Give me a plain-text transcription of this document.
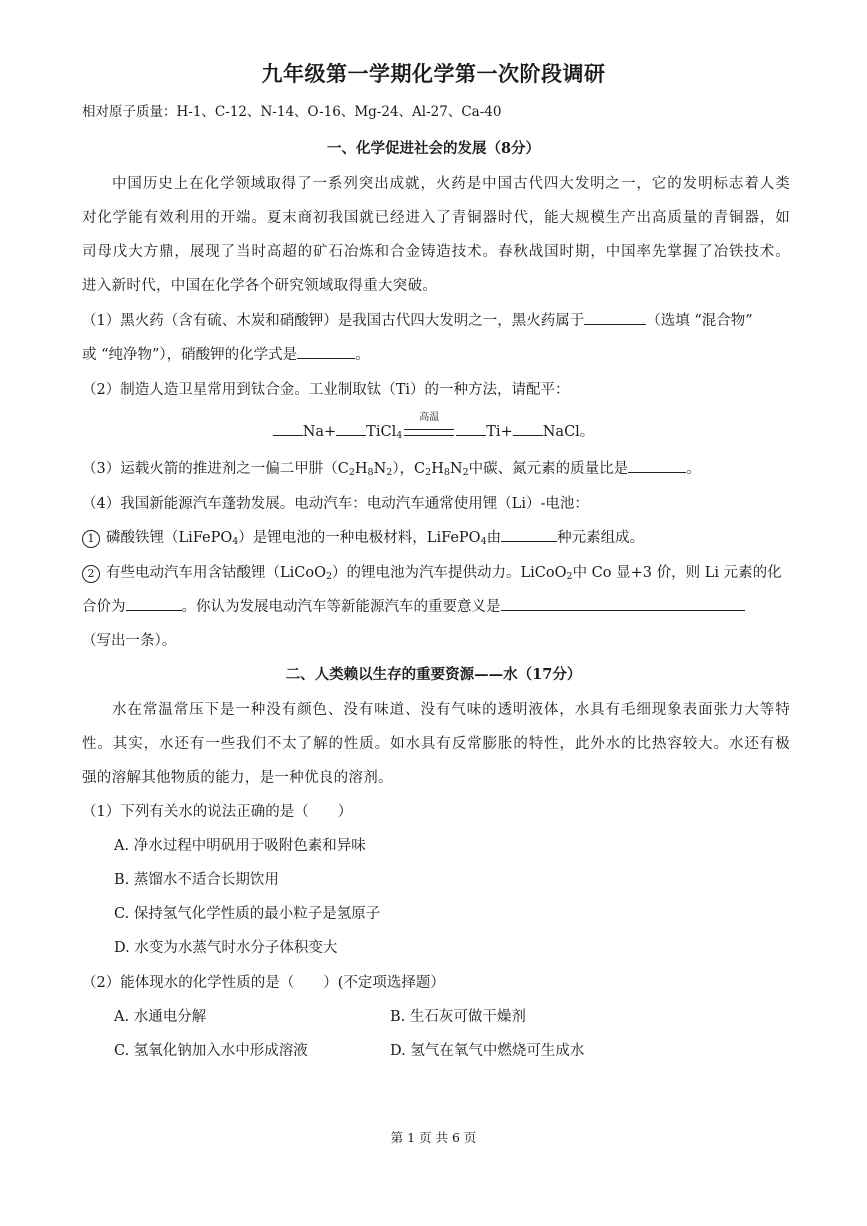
九年级第一学期化学第一次阶段调研
相对原子质量：H-1、C-12、N-14、O-16、Mg-24、Al-27、Ca-40
一、化学促进社会的发展（8分）
中国历史上在化学领域取得了一系列突出成就，火药是中国古代四大发明之一，它的发明标志着人类
对化学能有效利用的开端。夏末商初我国就已经进入了青铜器时代，能大规模生产出高质量的青铜器，如
司母戊大方鼎，展现了当时高超的矿石冶炼和合金铸造技术。春秋战国时期，中国率先掌握了冶铁技术。
进入新时代，中国在化学各个研究领域取得重大突破。
（1）黑火药（含有硫、木炭和硝酸钾）是我国古代四大发明之一，黑火药属于	（选填 “混合物”
或 “纯净物”），硝酸钾的化学式是	。
（2）制造人造卫星常用到钛合金。工业制取钛（Ti）的一种方法，请配平：
Na+ TiCl$_4$
高温
Ti+ NaCl。
（3）运载火箭的推进剂之一偏二甲肼$(C_2H_8N_2)$，$C_2H_8N_2$中碳、氮元素的质量比是	。
（4）我国新能源汽车蓬勃发展。电动汽车：电动汽车通常使用锂（Li）-电池：
1 磷酸铁锂（LiFePO$_4$）是锂电池的一种电极材料，LiFePO$_4$由	种元素组成。
2 有些电动汽车用含钴酸锂（LiCoO$_2$）的锂电池为汽车提供动力。LiCoO$_2$中 Co 显+3 价，则 Li 元素的化
合价为	。你认为发展电动汽车等新能源汽车的重要意义是
（写出一条）。
二、人类赖以生存的重要资源——水（17分）
水在常温常压下是一种没有颜色、没有味道、没有气味的透明液体，水具有毛细现象表面张力大等特
性。其实，水还有一些我们不太了解的性质。如水具有反常膨胀的特性，此外水的比热容较大。水还有极
强的溶解其他物质的能力，是一种优良的溶剂。
（1）下列有关水的说法正确的是（　　）
A. 净水过程中明矾用于吸附色素和异味
B. 蒸馏水不适合长期饮用
C. 保持氢气化学性质的最小粒子是氢原子
D. 水变为水蒸气时水分子体积变大
（2）能体现水的化学性质的是（　　）(不定项选择题）
A. 水通电分解	B. 生石灰可做干燥剂
C. 氢氧化钠加入水中形成溶液	D. 氢气在氧气中燃烧可生成水
第 1 页 共 6 页
